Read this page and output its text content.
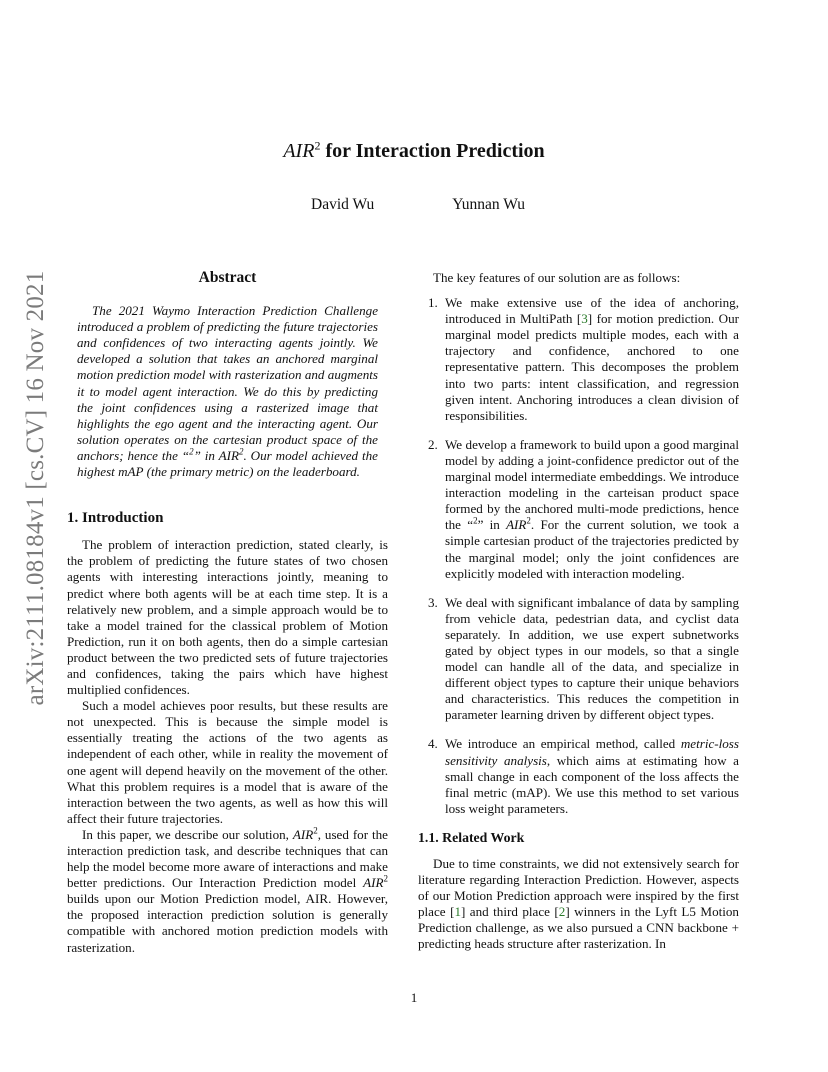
arXiv:2111.08184v1 [cs.CV] 16 Nov 2021
AIR$^2$ for Interaction Prediction
David Wu	Yunnan Wu
Abstract

The 2021 Waymo Interaction Prediction Challenge introduced a problem of predicting the future trajectories and confidences of two interacting agents jointly. We developed a solution that takes an anchored marginal motion prediction model with rasterization and augments it to model agent interaction. We do this by predicting the joint confidences using a rasterized image that highlights the ego agent and the interacting agent. Our solution operates on the cartesian product space of the anchors; hence the “$^2$” in AIR$^2$. Our model achieved the highest mAP (the primary metric) on the leaderboard.

1. Introduction

The problem of interaction prediction, stated clearly, is the problem of predicting the future states of two chosen agents with interesting interactions jointly, meaning to predict where both agents will be at each time step. It is a relatively new problem, and a simple approach would be to take a model trained for the classical problem of Motion Prediction, run it on both agents, then do a simple cartesian product between the two predicted sets of future trajectories and confidences, taking the pairs which have highest multiplied confidences.

Such a model achieves poor results, but these results are not unexpected. This is because the simple model is essentially treating the actions of the two agents as independent of each other, while in reality the movement of one agent will depend heavily on the movement of the other. What this problem requires is a model that is aware of the interaction between the two agents, as well as how this will affect their future trajectories.

In this paper, we describe our solution, AIR$^2$, used for the interaction prediction task, and describe techniques that can help the model become more aware of interactions and make better predictions. Our Interaction Prediction model AIR$^2$ builds upon our Motion Prediction model, AIR. However, the proposed interaction prediction solution is generally compatible with anchored motion prediction models with rasterization.

The key features of our solution are as follows:

1. We make extensive use of the idea of anchoring, introduced in MultiPath [3] for motion prediction. Our marginal model predicts multiple modes, each with a trajectory and confidence, anchored to one representative pattern. This decomposes the problem into two parts: intent classification, and regression given intent. Anchoring introduces a clean division of responsibilities.
2. We develop a framework to build upon a good marginal model by adding a joint-confidence predictor out of the marginal model intermediate embeddings. We introduce interaction modeling in the carteisan product space formed by the anchored multi-mode predictions, hence the “$^2$” in AIR$^2$. For the current solution, we took a simple cartesian product of the trajectories predicted by the marginal model; only the joint confidences are explicitly modeled with interaction modeling.
3. We deal with significant imbalance of data by sampling from vehicle data, pedestrian data, and cyclist data separately. In addition, we use expert subnetworks gated by object types in our models, so that a single model can handle all of the data, and specialize in different object types to capture their unique behaviors and characteristics. This reduces the competition in parameter learning driven by different object types.
4. We introduce an empirical method, called metric-loss sensitivity analysis, which aims at estimating how a small change in each component of the loss affects the final metric (mAP). We use this method to set various loss weight parameters.
1.1. Related Work

Due to time constraints, we did not extensively search for literature regarding Interaction Prediction. However, aspects of our Motion Prediction approach were inspired by the first place [1] and third place [2] winners in the Lyft L5 Motion Prediction challenge, as we also pursued a CNN backbone + predicting heads structure after rasterization. In

1
